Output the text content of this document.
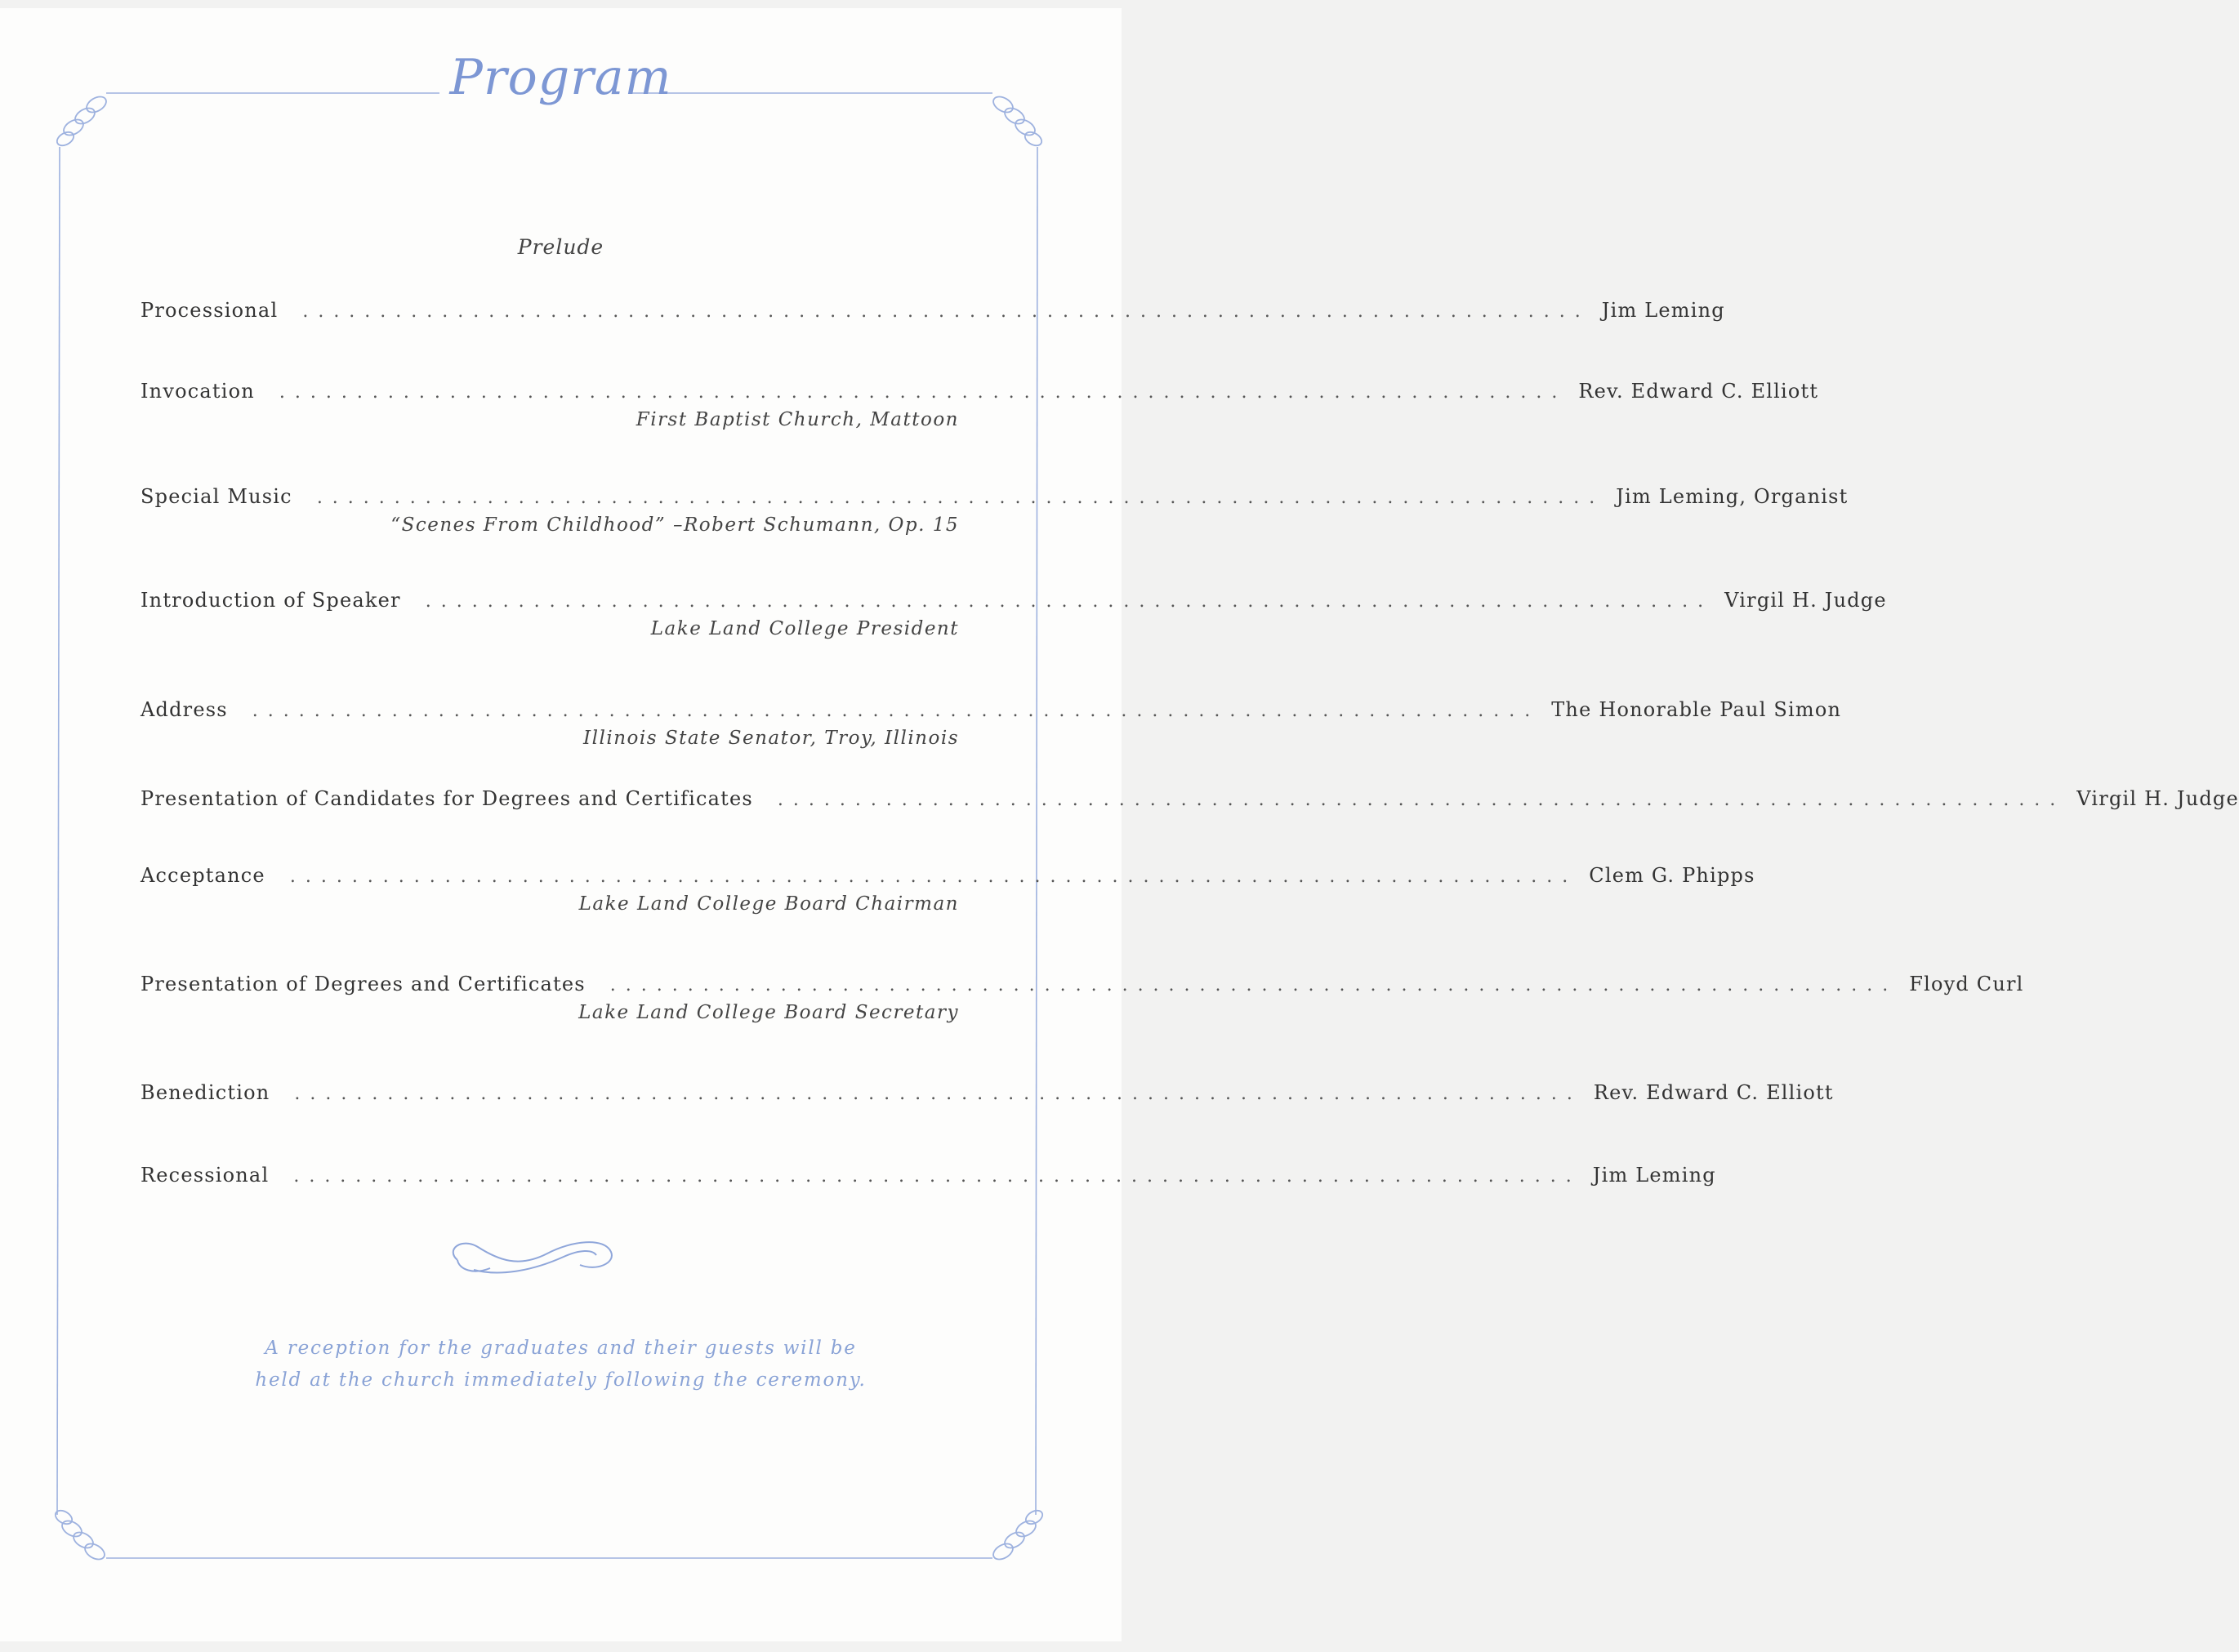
Program
Prelude
Processional ................................................................................... Jim Leming
Invocation ................................................................................... Rev. Edward C. Elliott
First Baptist Church, Mattoon
Special Music ................................................................................... Jim Leming, Organist
“Scenes From Childhood” –Robert Schumann, Op. 15
Introduction of Speaker ................................................................................... Virgil H. Judge
Lake Land College President
Address ................................................................................... The Honorable Paul Simon
Illinois State Senator, Troy, Illinois
Presentation of Candidates for Degrees and Certificates ................................................................................... Virgil H. Judge
Acceptance ................................................................................... Clem G. Phipps
Lake Land College Board Chairman
Presentation of Degrees and Certificates ................................................................................... Floyd Curl
Lake Land College Board Secretary
Benediction ................................................................................... Rev. Edward C. Elliott
Recessional ................................................................................... Jim Leming
A reception for the graduates and their guests will be
held at the church immediately following the ceremony.
